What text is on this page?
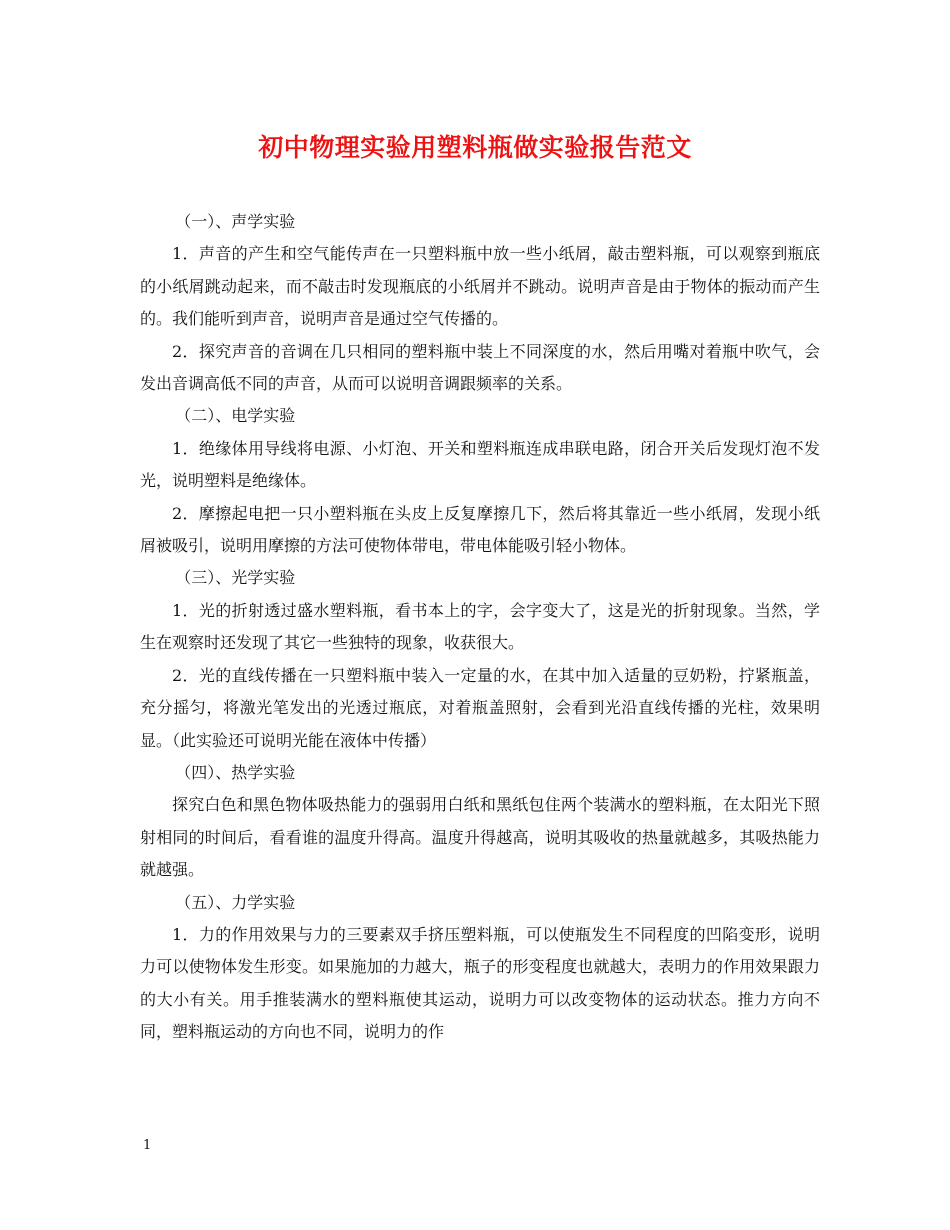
初中物理实验用塑料瓶做实验报告范文

（一）、声学实验

1．声音的产生和空气能传声在一只塑料瓶中放一些小纸屑，敲击塑料瓶，可以观察到瓶底的小纸屑跳动起来，而不敲击时发现瓶底的小纸屑并不跳动。说明声音是由于物体的振动而产生的。我们能听到声音，说明声音是通过空气传播的。

2．探究声音的音调在几只相同的塑料瓶中装上不同深度的水，然后用嘴对着瓶中吹气，会发出音调高低不同的声音，从而可以说明音调跟频率的关系。

（二）、电学实验

1．绝缘体用导线将电源、小灯泡、开关和塑料瓶连成串联电路，闭合开关后发现灯泡不发光，说明塑料是绝缘体。

2．摩擦起电把一只小塑料瓶在头皮上反复摩擦几下，然后将其靠近一些小纸屑，发现小纸屑被吸引，说明用摩擦的方法可使物体带电，带电体能吸引轻小物体。

（三）、光学实验

1．光的折射透过盛水塑料瓶，看书本上的字，会字变大了，这是光的折射现象。当然，学生在观察时还发现了其它一些独特的现象，收获很大。

2．光的直线传播在一只塑料瓶中装入一定量的水，在其中加入适量的豆奶粉，拧紧瓶盖，充分摇匀，将激光笔发出的光透过瓶底，对着瓶盖照射，会看到光沿直线传播的光柱，效果明显。（此实验还可说明光能在液体中传播）

（四）、热学实验

探究白色和黑色物体吸热能力的强弱用白纸和黑纸包住两个装满水的塑料瓶，在太阳光下照射相同的时间后，看看谁的温度升得高。温度升得越高，说明其吸收的热量就越多，其吸热能力就越强。

（五）、力学实验

1．力的作用效果与力的三要素双手挤压塑料瓶，可以使瓶发生不同程度的凹陷变形，说明力可以使物体发生形变。如果施加的力越大，瓶子的形变程度也就越大，表明力的作用效果跟力的大小有关。用手推装满水的塑料瓶使其运动，说明力可以改变物体的运动状态。推力方向不同，塑料瓶运动的方向也不同，说明力的作

1
